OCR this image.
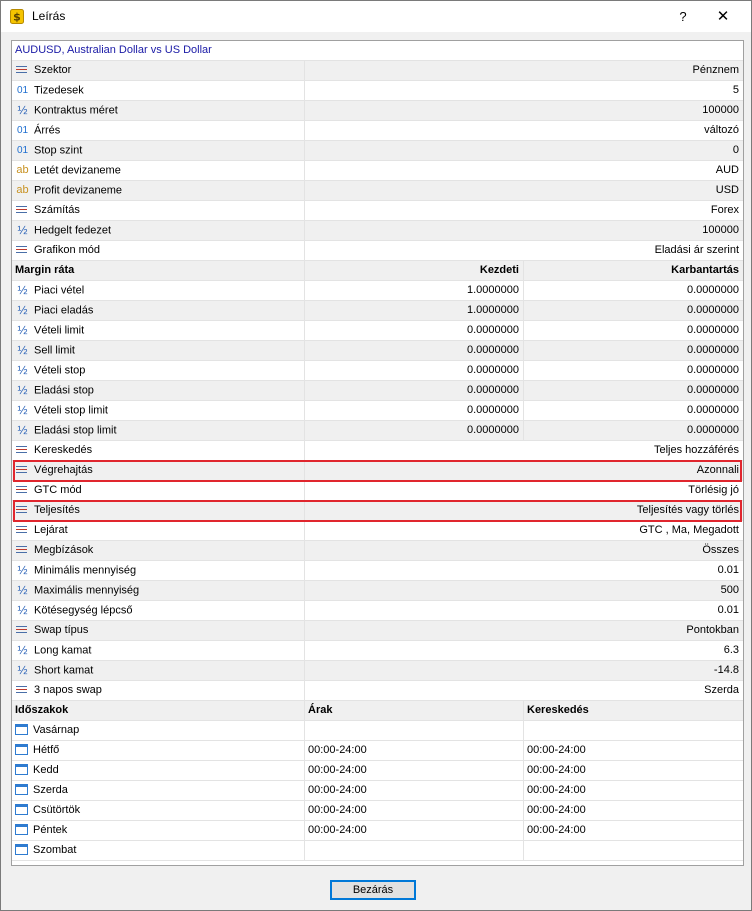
$ Leírás	?	✕
AUDUSD, Australian Dollar vs US Dollar
Szektor	Pénznem
01 Tizedesek	5
½ Kontraktus méret	100000
01 Árrés	változó
01 Stop szint	0
ab Letét devizaneme	AUD
ab Profit devizaneme	USD
Számítás	Forex
½ Hedgelt fedezet	100000
Grafikon mód	Eladási ár szerint
Margin ráta	Kezdeti	Karbantartás
½ Piaci vétel	1.0000000	0.0000000
½ Piaci eladás	1.0000000	0.0000000
½ Vételi limit	0.0000000	0.0000000
½ Sell limit	0.0000000	0.0000000
½ Vételi stop	0.0000000	0.0000000
½ Eladási stop	0.0000000	0.0000000
½ Vételi stop limit	0.0000000	0.0000000
½ Eladási stop limit	0.0000000	0.0000000
Kereskedés	Teljes hozzáférés
Végrehajtás	Azonnali
GTC mód	Törlésig jó
Teljesítés	Teljesítés vagy törlés
Lejárat	GTC , Ma, Megadott
Megbízások	Összes
½ Minimális mennyiség	0.01
½ Maximális mennyiség	500
½ Kötésegység lépcső	0.01
Swap típus	Pontokban
½ Long kamat	6.3
½ Short kamat	-14.8
3 napos swap	Szerda
Időszakok	Árak	Kereskedés
Vasárnap
Hétfő	00:00-24:00	00:00-24:00
Kedd	00:00-24:00	00:00-24:00
Szerda	00:00-24:00	00:00-24:00
Csütörtök	00:00-24:00	00:00-24:00
Péntek	00:00-24:00	00:00-24:00
Szombat
Bezárás
